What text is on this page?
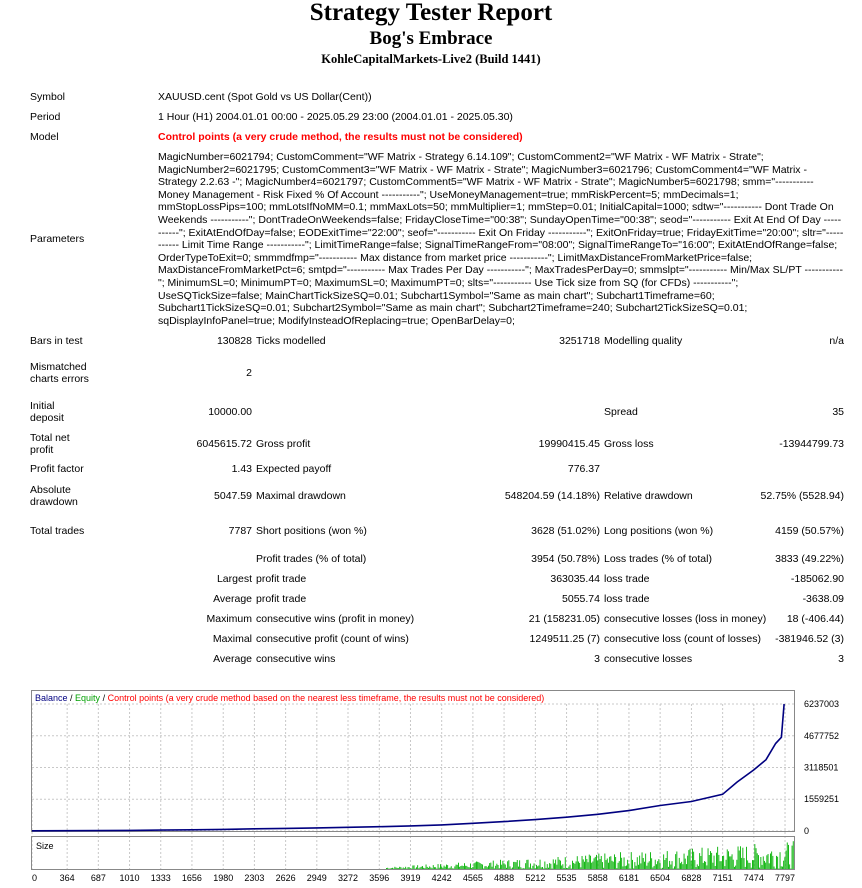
Strategy Tester Report
Bog's Embrace
KohleCapitalMarkets-Live2 (Build 1441)
Symbol	XAUUSD.cent (Spot Gold vs US Dollar(Cent))			
Period	1 Hour (H1) 2004.01.01 00:00 - 2025.05.29 23:00 (2004.01.01 - 2025.05.30)			
Model	Control points (a very crude method, the results must not be considered)			
Parameters	MagicNumber=6021794; CustomComment="WF Matrix - Strategy 6.14.109"; CustomComment2="WF Matrix - WF Matrix - Strate"; MagicNumber2=6021795; CustomComment3="WF Matrix - WF Matrix - Strate"; MagicNumber3=6021796; CustomComment4="WF Matrix - Strategy 2.2.63 -"; MagicNumber4=6021797; CustomComment5="WF Matrix - WF Matrix - Strate"; MagicNumber5=6021798; smm="----------- Money Management - Risk Fixed % Of Account -----------"; UseMoneyManagement=true; mmRiskPercent=5; mmDecimals=1; mmStopLossPips=100; mmLotsIfNoMM=0.1; mmMaxLots=50; mmMultiplier=1; mmStep=0.01; InitialCapital=1000; sdtw="----------- Dont Trade On Weekends -----------"; DontTradeOnWeekends=false; FridayCloseTime="00:38"; SundayOpenTime="00:38"; seod="----------- Exit At End Of Day -----------"; ExitAtEndOfDay=false; EODExitTime="22:00"; seof="----------- Exit On Friday -----------"; ExitOnFriday=true; FridayExitTime="20:00"; sltr="----------- Limit Time Range -----------"; LimitTimeRange=false; SignalTimeRangeFrom="08:00"; SignalTimeRangeTo="16:00"; ExitAtEndOfRange=false; OrderTypeToExit=0; smmmdfmp="----------- Max distance from market price -----------"; LimitMaxDistanceFromMarketPrice=false; MaxDistanceFromMarketPct=6; smtpd="----------- Max Trades Per Day -----------"; MaxTradesPerDay=0; smmslpt="----------- Min/Max SL/PT -----------"; MinimumSL=0; MinimumPT=0; MaximumSL=0; MaximumPT=0; slts="----------- Use Tick size from SQ (for CFDs) -----------"; UseSQTickSize=false; MainChartTickSizeSQ=0.01; Subchart1Symbol="Same as main chart"; Subchart1Timeframe=60; Subchart1TickSizeSQ=0.01; Subchart2Symbol="Same as main chart"; Subchart2Timeframe=240; Subchart2TickSizeSQ=0.01; sqDisplayInfoPanel=true; ModifyInsteadOfReplacing=true; OpenBarDelay=0;			
Bars in test	130828	Ticks modelled 3251718	Modelling quality	n/a

Mismatched charts errors	2			

Initial deposit	10000.00		Spread	35

Total net profit	6045615.72	Gross profit 19990415.45	Gross loss	-13944799.73
Profit factor	1.43	Expected payoff 776.37		

Absolute drawdown	5047.59	Maximal drawdown 548204.59 (14.18%)	Relative drawdown	52.75% (5528.94)
Total trades	7787	Short positions (won %) 3628 (51.02%)	Long positions (won %)	4159 (50.57%)
		Profit trades (% of total) 3954 (50.78%)	Loss trades (% of total)	3833 (49.22%)
	Largest	profit trade 363035.44	loss trade	-185062.90
	Average	profit trade 5055.74	loss trade	-3638.09
	Maximum	consecutive wins (profit in money) 21 (158231.05)	consecutive losses (loss in money)	18 (-406.44)
	Maximal	consecutive profit (count of wins) 1249511.25 (7)	consecutive loss (count of losses)	-381946.52 (3)
	Average	consecutive wins 3	consecutive losses	3
6237003
4677752
3118501
1559251
0
0	364 687 1010 1333 1656 1980 2303 2626 2949 3272 3596 3919 4242 4565 4888 5212 5535 5858 6181 6504 6828 7151 7474 7797
Balance / Equity / Control points (a very crude method based on the nearest less timeframe, the results must not be considered)
Size
